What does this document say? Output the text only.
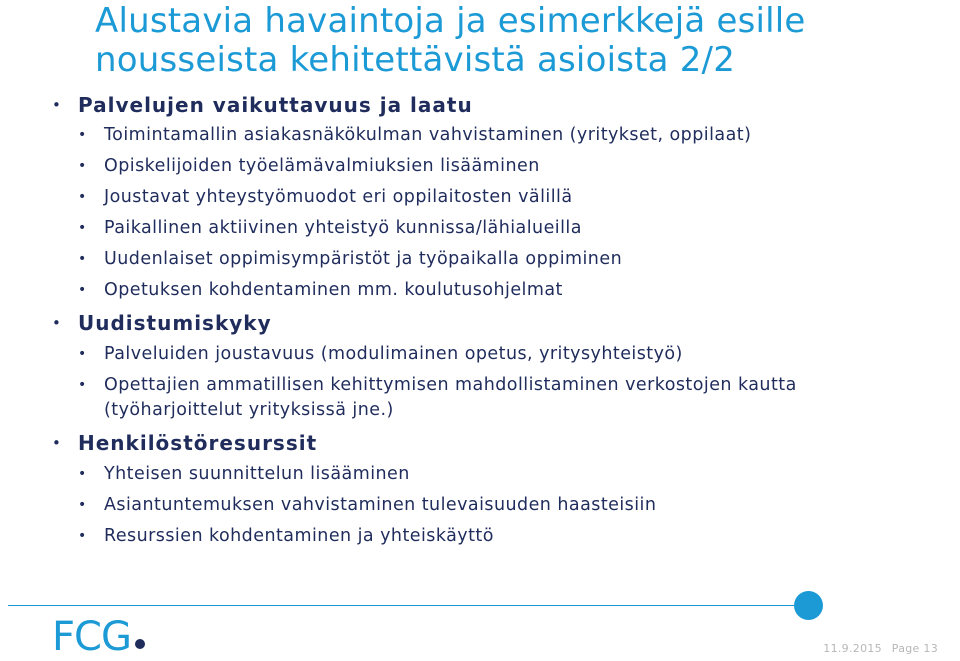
Alustavia havaintoja ja esimerkkejä esille nousseista kehitettävistä asioista 2/2
• Palvelujen vaikuttavuus ja laatu
• Toimintamallin asiakasnäkökulman vahvistaminen (yritykset, oppilaat)
• Opiskelijoiden työelämävalmiuksien lisääminen
• Joustavat yhteystyömuodot eri oppilaitosten välillä
• Paikallinen aktiivinen yhteistyö kunnissa/lähialueilla
• Uudenlaiset oppimisympäristöt ja työpaikalla oppiminen
• Opetuksen kohdentaminen mm. koulutusohjelmat
• Uudistumiskyky
• Palveluiden joustavuus (modulimainen opetus, yritysyhteistyö)
• Opettajien ammatillisen kehittymisen mahdollistaminen verkostojen kautta (työharjoittelut yrityksissä jne.)
• Henkilöstöresurssit
• Yhteisen suunnittelun lisääminen
• Asiantuntemuksen vahvistaminen tulevaisuuden haasteisiin
• Resurssien kohdentaminen ja yhteiskäyttö
FCG	11.9.2015 Page 13
